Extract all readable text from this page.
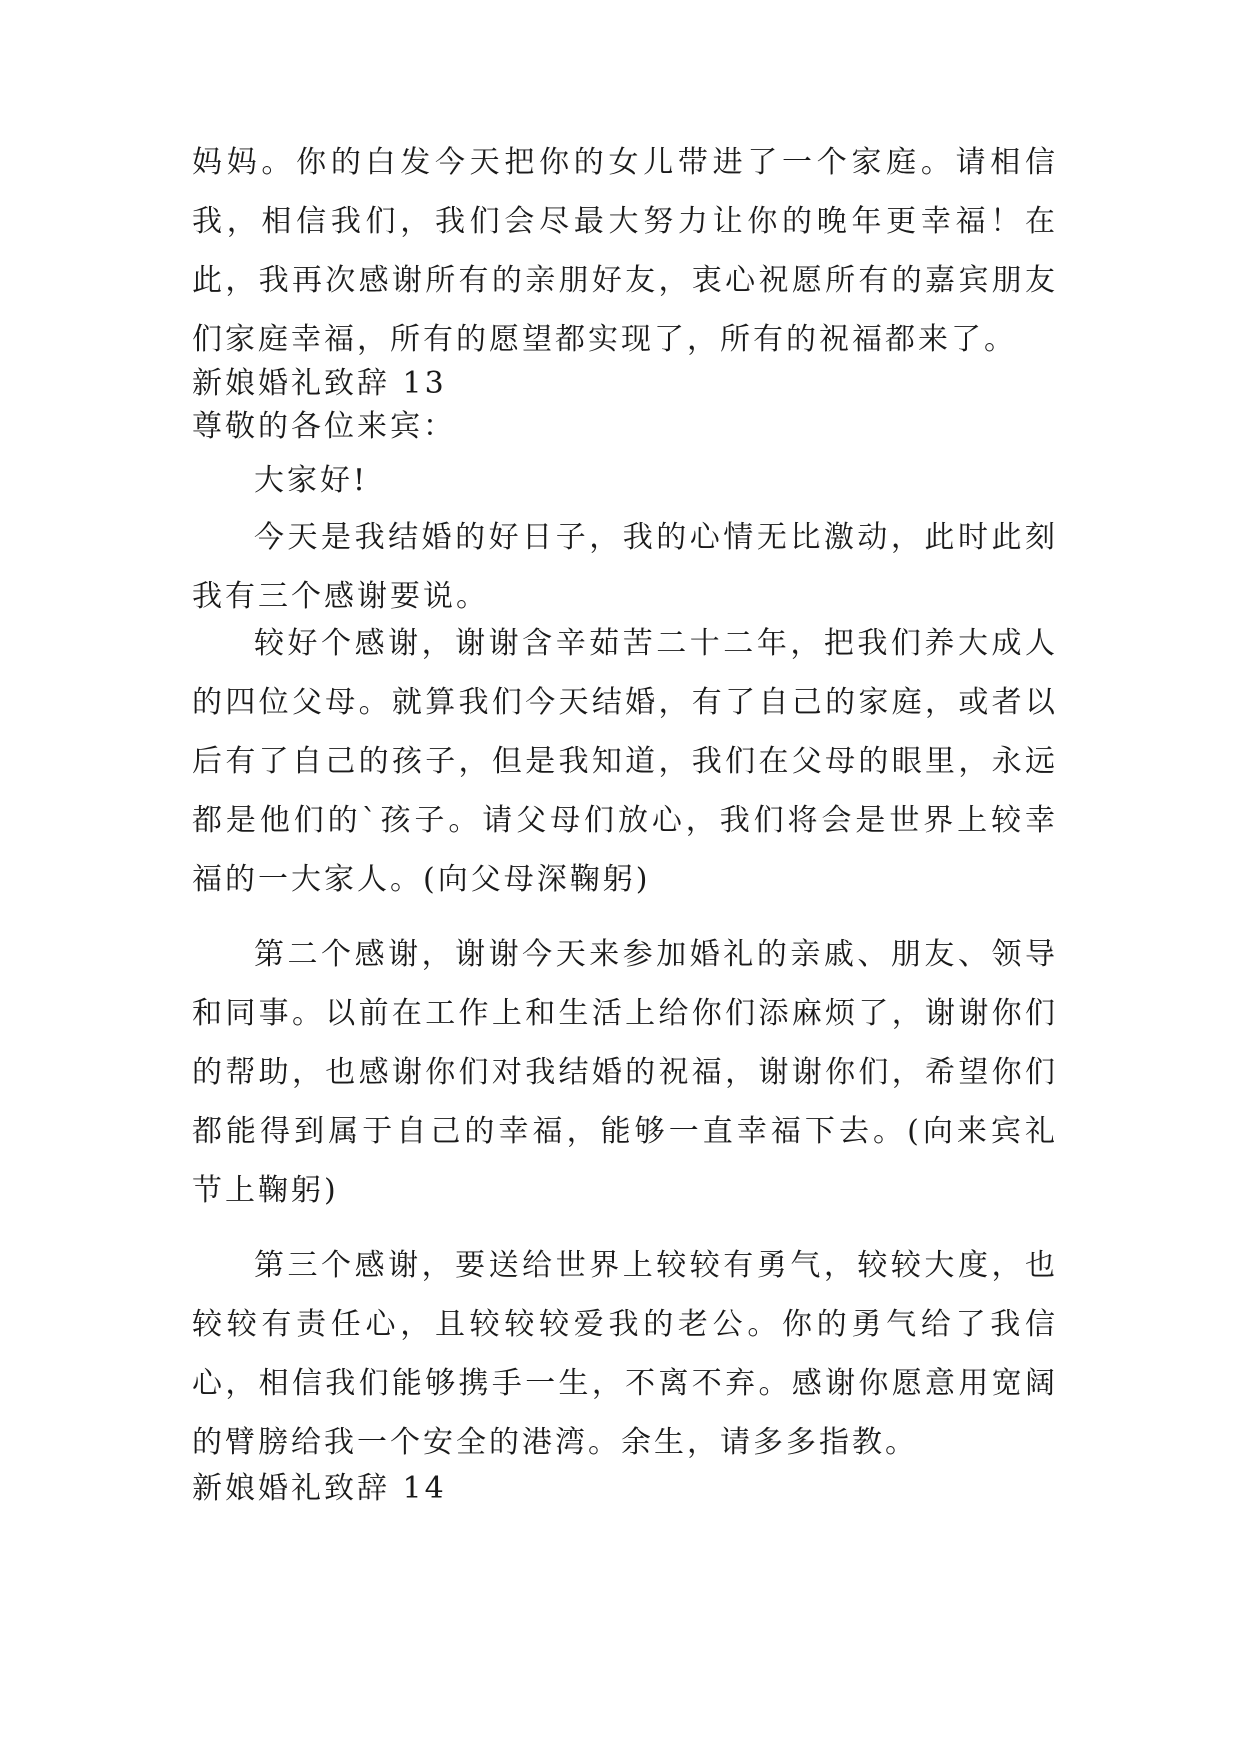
妈妈。你的白发今天把你的女儿带进了一个家庭。请相信我，相信我们，我们会尽最大努力让你的晚年更幸福！在此，我再次感谢所有的亲朋好友，衷心祝愿所有的嘉宾朋友们家庭幸福，所有的愿望都实现了，所有的祝福都来了。

新娘婚礼致辞 13
尊敬的各位来宾：
大家好!

今天是我结婚的好日子，我的心情无比激动，此时此刻我有三个感谢要说。

较好个感谢，谢谢含辛茹苦二十二年，把我们养大成人的四位父母。就算我们今天结婚，有了自己的家庭，或者以后有了自己的孩子，但是我知道，我们在父母的眼里，永远都是他们的`孩子。请父母们放心，我们将会是世界上较幸福的一大家人。(向父母深鞠躬)

第二个感谢，谢谢今天来参加婚礼的亲戚、朋友、领导和同事。以前在工作上和生活上给你们添麻烦了，谢谢你们的帮助，也感谢你们对我结婚的祝福，谢谢你们，希望你们都能得到属于自己的幸福，能够一直幸福下去。(向来宾礼节上鞠躬)

第三个感谢，要送给世界上较较有勇气，较较大度，也较较有责任心，且较较较爱我的老公。你的勇气给了我信心，相信我们能够携手一生，不离不弃。感谢你愿意用宽阔的臂膀给我一个安全的港湾。余生，请多多指教。

新娘婚礼致辞 14
